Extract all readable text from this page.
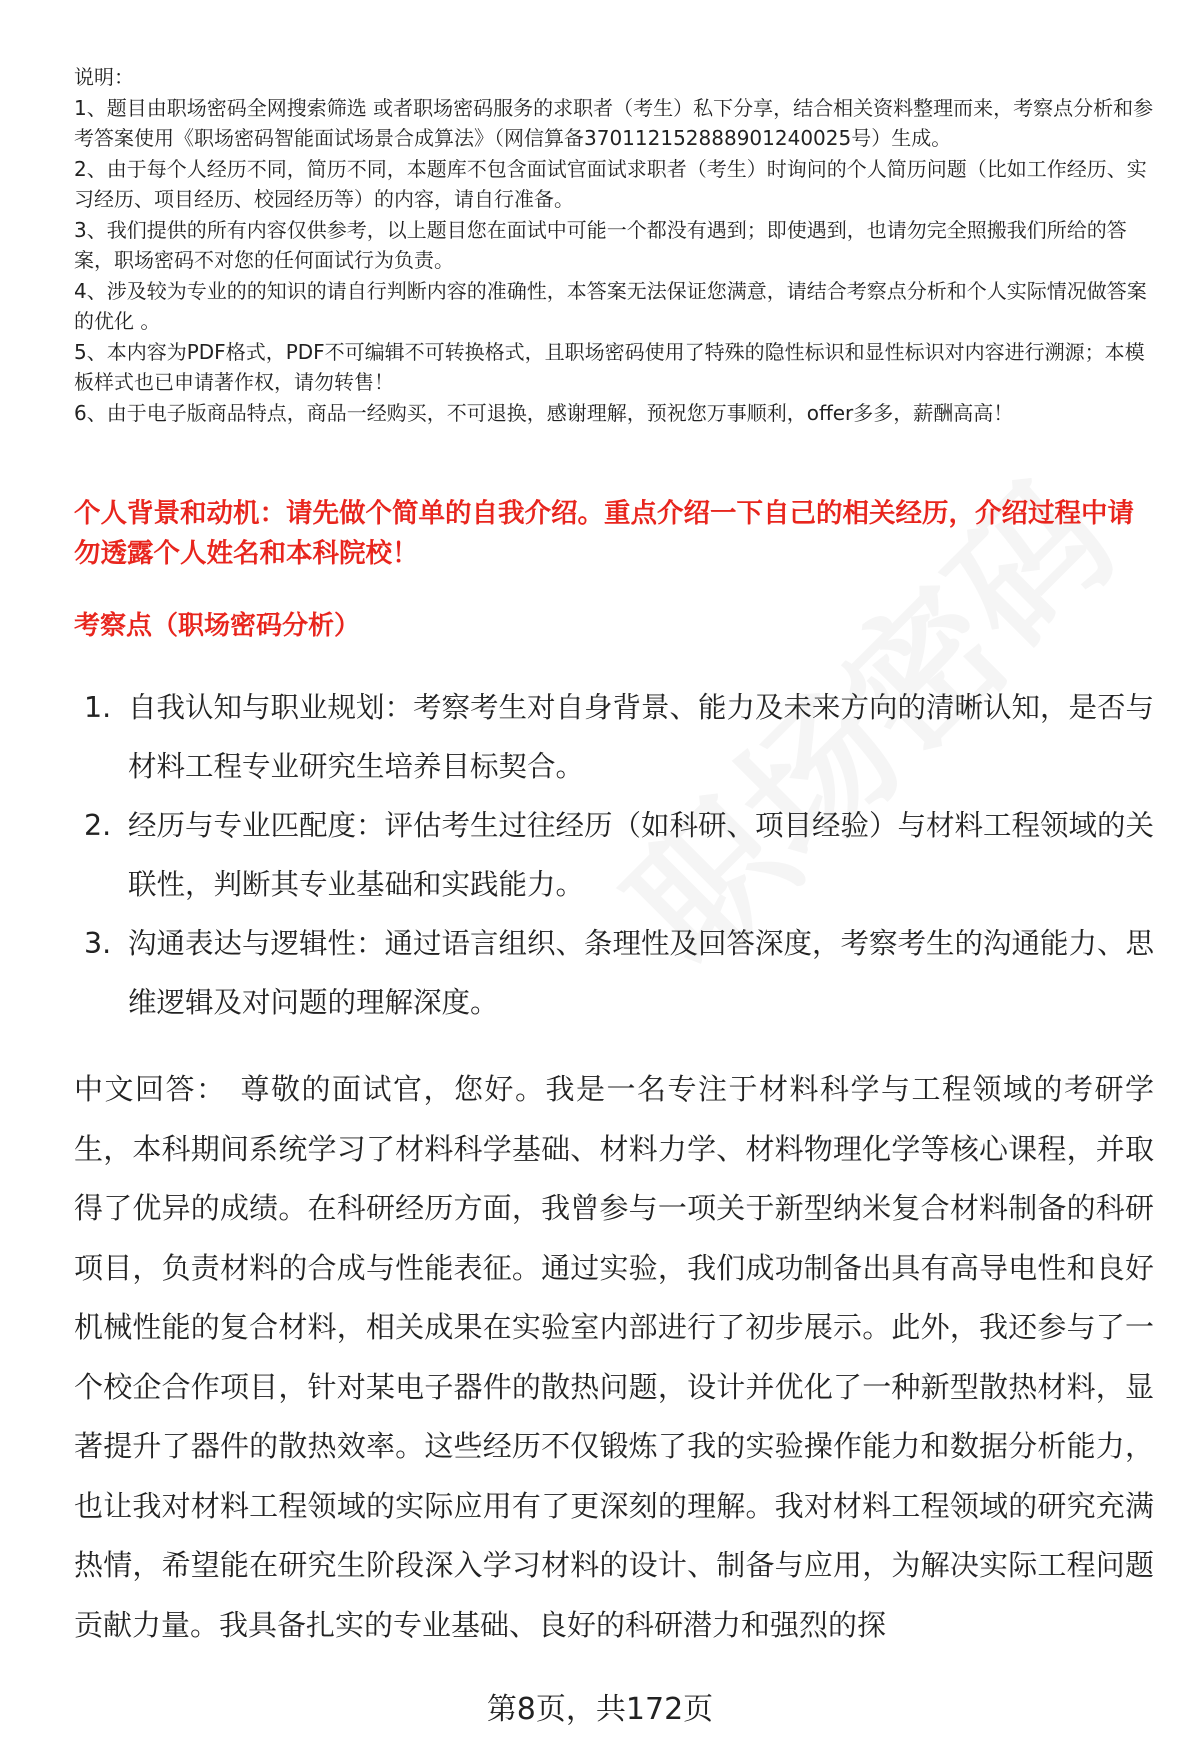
说明：

1、题目由职场密码全网搜索筛选 或者职场密码服务的求职者（考生）私下分享，结合相关资料整理而来，考察点分析和参考答案使用《职场密码智能面试场景合成算法》（网信算备370112152888901240025号）生成。

2、由于每个人经历不同，简历不同，本题库不包含面试官面试求职者（考生）时询问的个人简历问题（比如工作经历、实习经历、项目经历、校园经历等）的内容，请自行准备。

3、我们提供的所有内容仅供参考，以上题目您在面试中可能一个都没有遇到；即使遇到，也请勿完全照搬我们所给的答案，职场密码不对您的任何面试行为负责。

4、涉及较为专业的的知识的请自行判断内容的准确性，本答案无法保证您满意，请结合考察点分析和个人实际情况做答案的优化 。

5、本内容为PDF格式，PDF不可编辑不可转换格式，且职场密码使用了特殊的隐性标识和显性标识对内容进行溯源；本模板样式也已申请著作权，请勿转售！

6、由于电子版商品特点，商品一经购买，不可退换，感谢理解，预祝您万事顺利，offer多多，薪酬高高！

个人背景和动机：请先做个简单的自我介绍。重点介绍一下自己的相关经历，介绍过程中请勿透露个人姓名和本科院校！
考察点（职场密码分析）
1. 自我认知与职业规划：考察考生对自身背景、能力及未来方向的清晰认知，是否与材料工程专业研究生培养目标契合。
2. 经历与专业匹配度：评估考生过往经历（如科研、项目经验）与材料工程领域的关联性，判断其专业基础和实践能力。
3. 沟通表达与逻辑性：通过语言组织、条理性及回答深度，考察考生的沟通能力、思维逻辑及对问题的理解深度。
中文回答： 尊敬的面试官，您好。我是一名专注于材料科学与工程领域的考研学生，本科期间系统学习了材料科学基础、材料力学、材料物理化学等核心课程，并取得了优异的成绩。在科研经历方面，我曾参与一项关于新型纳米复合材料制备的科研项目，负责材料的合成与性能表征。通过实验，我们成功制备出具有高导电性和良好机械性能的复合材料，相关成果在实验室内部进行了初步展示。此外，我还参与了一个校企合作项目，针对某电子器件的散热问题，设计并优化了一种新型散热材料，显著提升了器件的散热效率。这些经历不仅锻炼了我的实验操作能力和数据分析能力，也让我对材料工程领域的实际应用有了更深刻的理解。我对材料工程领域的研究充满热情，希望能在研究生阶段深入学习材料的设计、制备与应用，为解决实际工程问题贡献力量。我具备扎实的专业基础、良好的科研潜力和强烈的探
第8页，共172页
